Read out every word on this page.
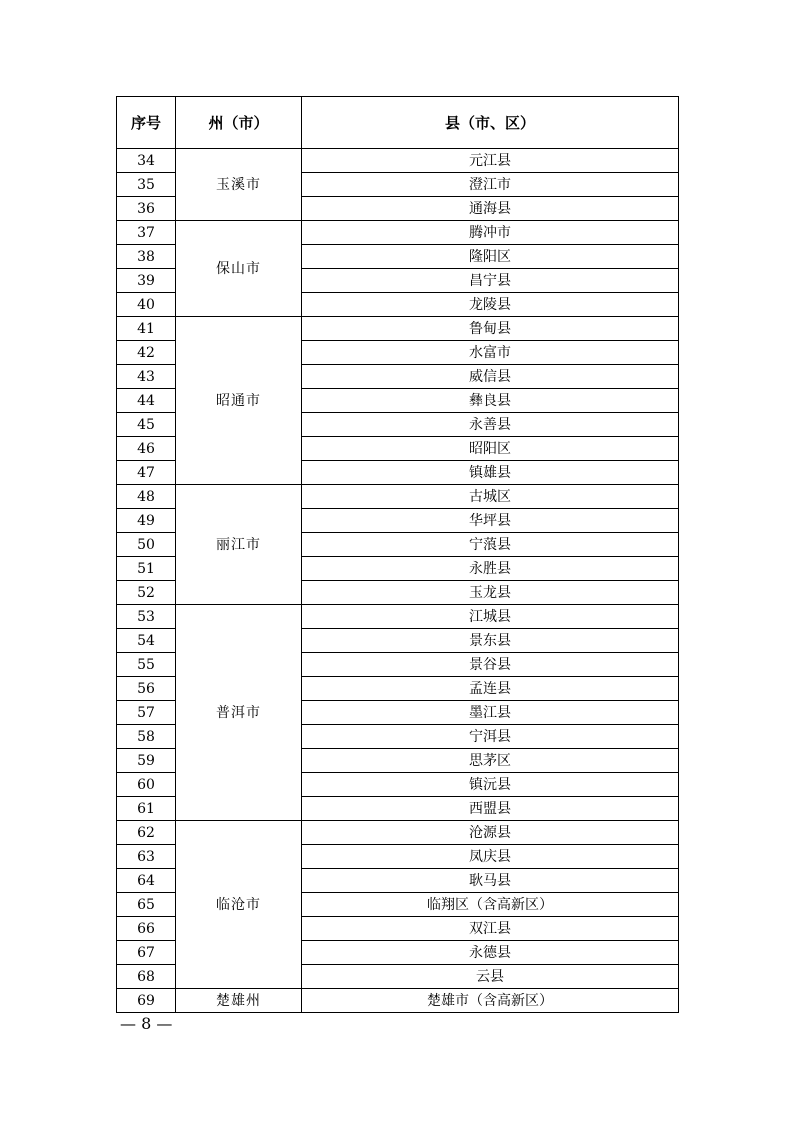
序号	州（市）	县（市、区）
34	玉溪市	元江县
35		澄江市
36		通海县
37	保山市	腾冲市
38		隆阳区
39		昌宁县
40		龙陵县
41	昭通市	鲁甸县
42		水富市
43		威信县
44		彝良县
45		永善县
46		昭阳区
47		镇雄县
48	丽江市	古城区
49		华坪县
50		宁蒗县
51		永胜县
52		玉龙县
53	普洱市	江城县
54		景东县
55		景谷县
56		孟连县
57		墨江县
58		宁洱县
59		思茅区
60		镇沅县
61		西盟县
62	临沧市	沧源县
63		凤庆县
64		耿马县
65		临翔区（含高新区）
66		双江县
67		永德县
68		云县
69	楚雄州	楚雄市（含高新区）
— 8 —
